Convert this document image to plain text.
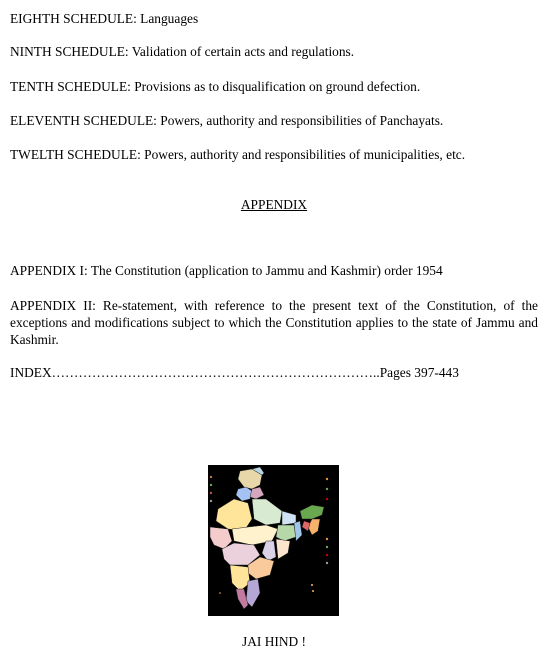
EIGHTH SCHEDULE: Languages
NINTH SCHEDULE: Validation of certain acts and regulations.
TENTH SCHEDULE: Provisions as to disqualification on ground defection.
ELEVENTH SCHEDULE: Powers, authority and responsibilities of Panchayats.
TWELTH SCHEDULE: Powers, authority and responsibilities of municipalities, etc.
APPENDIX
APPENDIX I: The Constitution (application to Jammu and Kashmir) order 1954
APPENDIX II: Re-statement, with reference to the present text of the Constitution, of the exceptions and modifications subject to which the Constitution applies to the state of Jammu and Kashmir.
INDEX………………………………………………………………..Pages 397-443
JAI HIND !
